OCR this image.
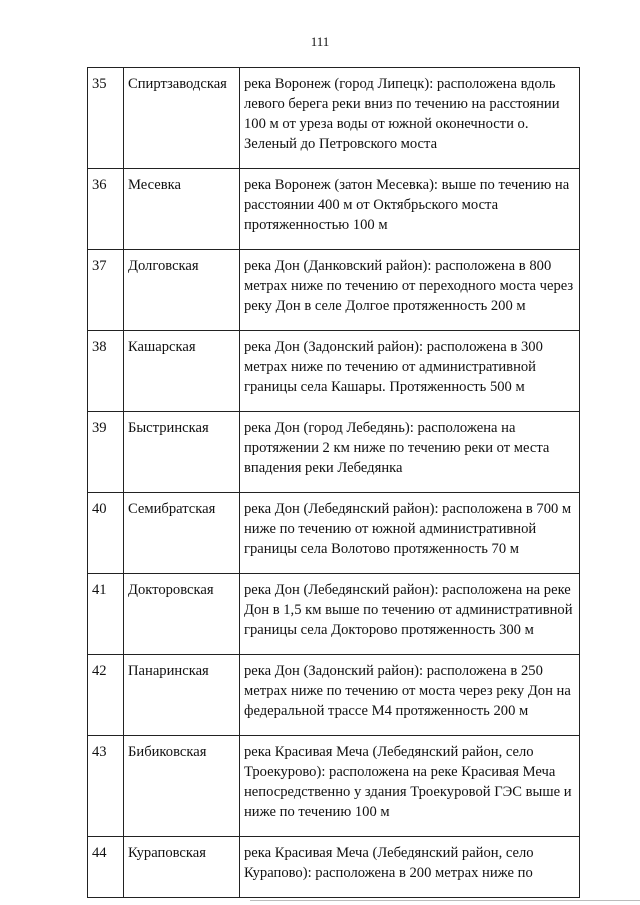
111
35	Спиртзаводская	река Воронеж (город Липецк): расположена вдоль левого берега реки вниз по течению на расстоянии 100 м от уреза воды от южной оконечности о. Зеленый до Петровского моста
36	Месевка	река Воронеж (затон Месевка): выше по течению на расстоянии 400 м от Октябрьского моста протяженностью 100 м
37	Долговская	река Дон (Данковский район): расположена в 800 метрах ниже по течению от переходного моста через реку Дон в селе Долгое протяженность 200 м
38	Кашарская	река Дон (Задонский район): расположена в 300 метрах ниже по течению от административной границы села Кашары. Протяженность 500 м
39	Быстринская	река Дон (город Лебедянь): расположена на протяжении 2 км ниже по течению реки от места впадения реки Лебедянка
40	Семибратская	река Дон (Лебедянский район): расположена в 700 м ниже по течению от южной административной границы села Волотово протяженность 70 м
41	Докторовская	река Дон (Лебедянский район): расположена на реке Дон в 1,5 км выше по течению от административной границы села Докторово протяженность 300 м
42	Панаринская	река Дон (Задонский район): расположена в 250 метрах ниже по течению от моста через реку Дон на федеральной трассе М4 протяженность 200 м
43	Бибиковская	река Красивая Меча (Лебедянский район, село Троекурово): расположена на реке Красивая Меча непосредственно у здания Троекуровой ГЭС выше и ниже по течению 100 м
44	Кураповская	река Красивая Меча (Лебедянский район, село Курапово): расположена в 200 метрах ниже по
